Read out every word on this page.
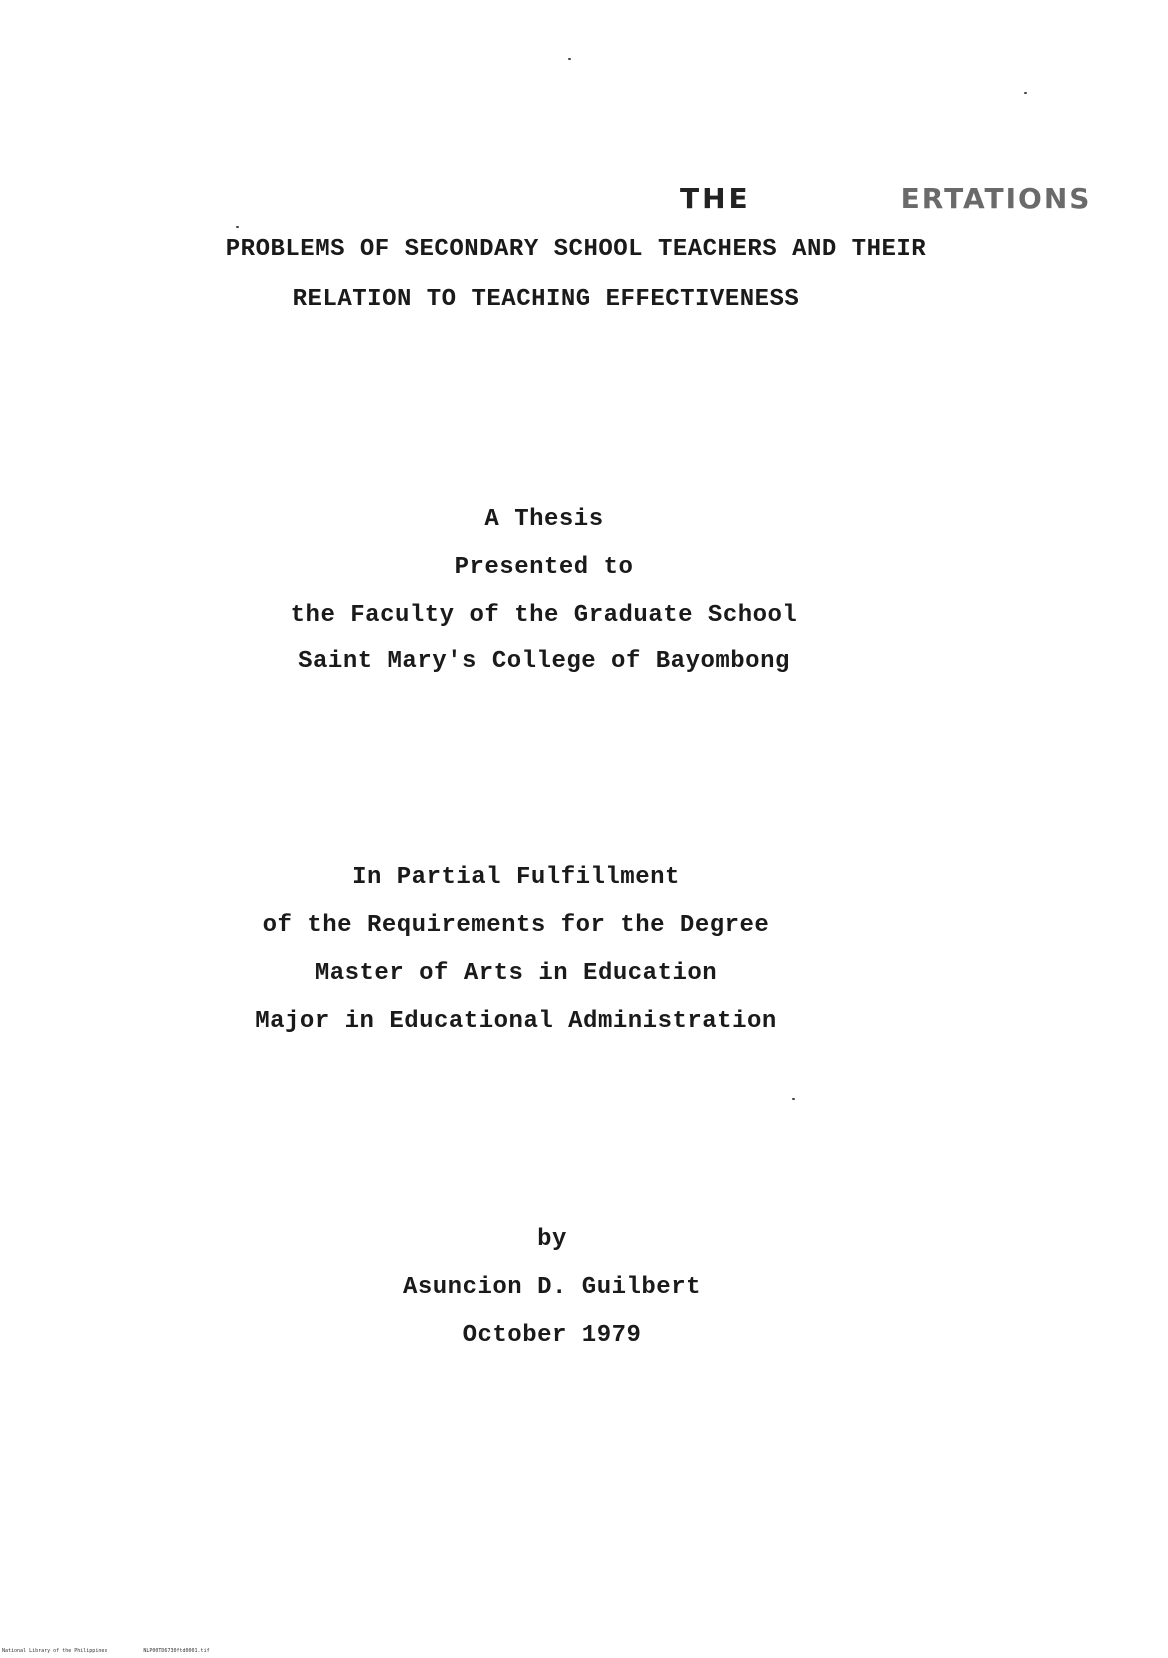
THE	ERTATIONS
PROBLEMS OF SECONDARY SCHOOL TEACHERS AND THEIR
RELATION TO TEACHING EFFECTIVENESS
A Thesis
Presented to
the Faculty of the Graduate School
Saint Mary's College of Bayombong
In Partial Fulfillment
of the Requirements for the Degree
Master of Arts in Education
Major in Educational Administration
by
Asuncion D. Guilbert
October 1979
National Library of the Philippines	NLP00TD6730ftd0001.tif
